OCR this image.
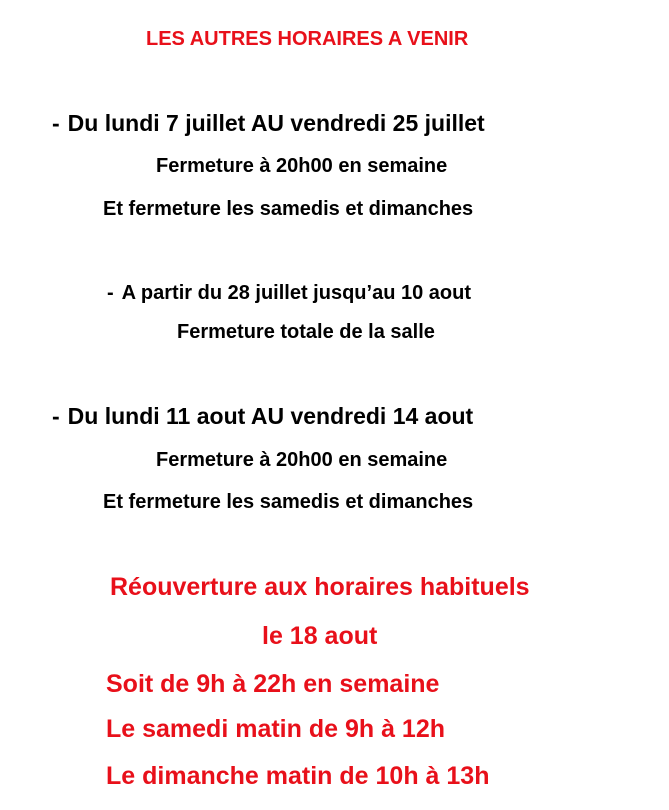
LES AUTRES HORAIRES A VENIR
- Du lundi 7 juillet AU vendredi 25 juillet
Fermeture à 20h00 en semaine
Et fermeture les samedis et dimanches
- A partir du 28 juillet jusqu’au 10 aout
Fermeture totale de la salle
- Du lundi 11 aout AU vendredi 14 aout
Fermeture à 20h00 en semaine
Et fermeture les samedis et dimanches
Réouverture aux horaires habituels
le 18 aout
Soit de 9h à 22h en semaine
Le samedi matin de 9h à 12h
Le dimanche matin de 10h à 13h
